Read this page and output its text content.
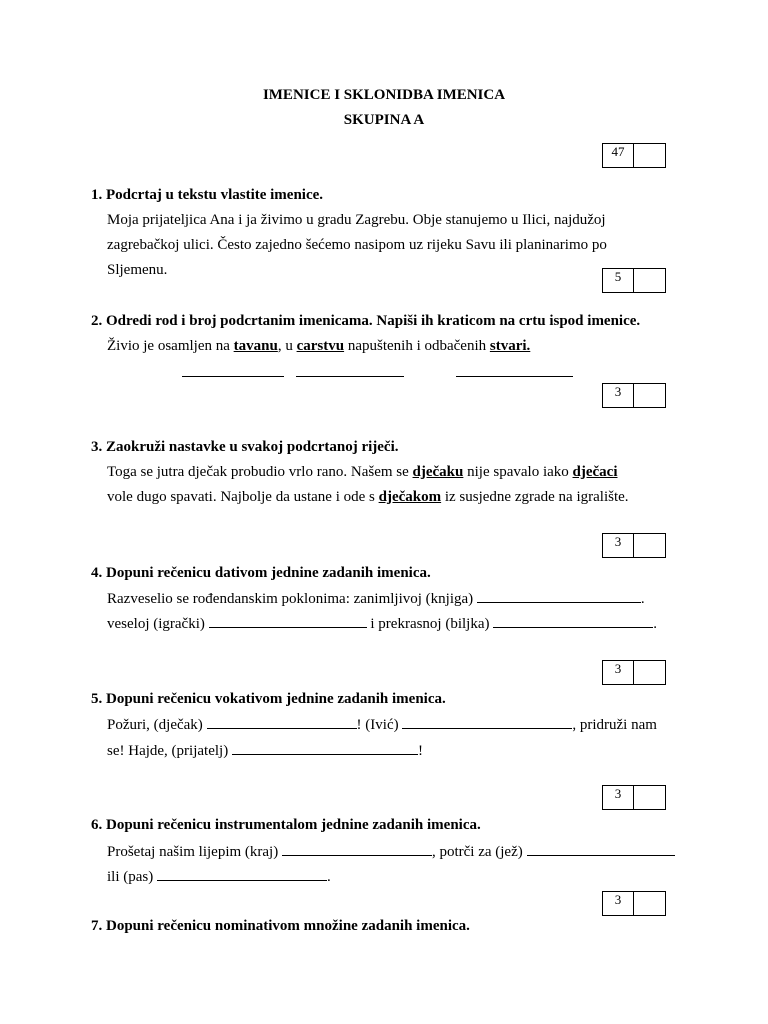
IMENICE I SKLONIDBA IMENICA
SKUPINA A
47
1. Podcrtaj u tekstu vlastite imenice.
Moja prijateljica Ana i ja živimo u gradu Zagrebu. Obje stanujemo u Ilici, najdužoj
zagrebačkoj ulici. Često zajedno šećemo nasipom uz rijeku Savu ili planinarimo po
Sljemenu.	5
2. Odredi rod i broj podcrtanim imenicama. Napiši ih kraticom na crtu ispod imenice.
Živio je osamljen na tavanu, u carstvu napuštenih i odbačenih stvari.
3
3. Zaokruži nastavke u svakoj podcrtanoj riječi.
Toga se jutra dječak probudio vrlo rano. Našem se dječaku nije spavalo iako dječaci
vole dugo spavati. Najbolje da ustane i ode s dječakom iz susjedne zgrade na igralište.
3
4. Dopuni rečenicu dativom jednine zadanih imenica.
Razveselio se rođendanskim poklonima: zanimljivoj (knjiga)	.
veseloj (igrački)	i prekrasnoj (biljka)	.
3
5. Dopuni rečenicu vokativom jednine zadanih imenica.
Požuri, (dječak)	! (Ivić)	, pridruži nam
se! Hajde, (prijatelj)	!
3
6. Dopuni rečenicu instrumentalom jednine zadanih imenica.
Prošetaj našim lijepim (kraj)	, potrči za (jež)
ili (pas)	.
3
7. Dopuni rečenicu nominativom množine zadanih imenica.
